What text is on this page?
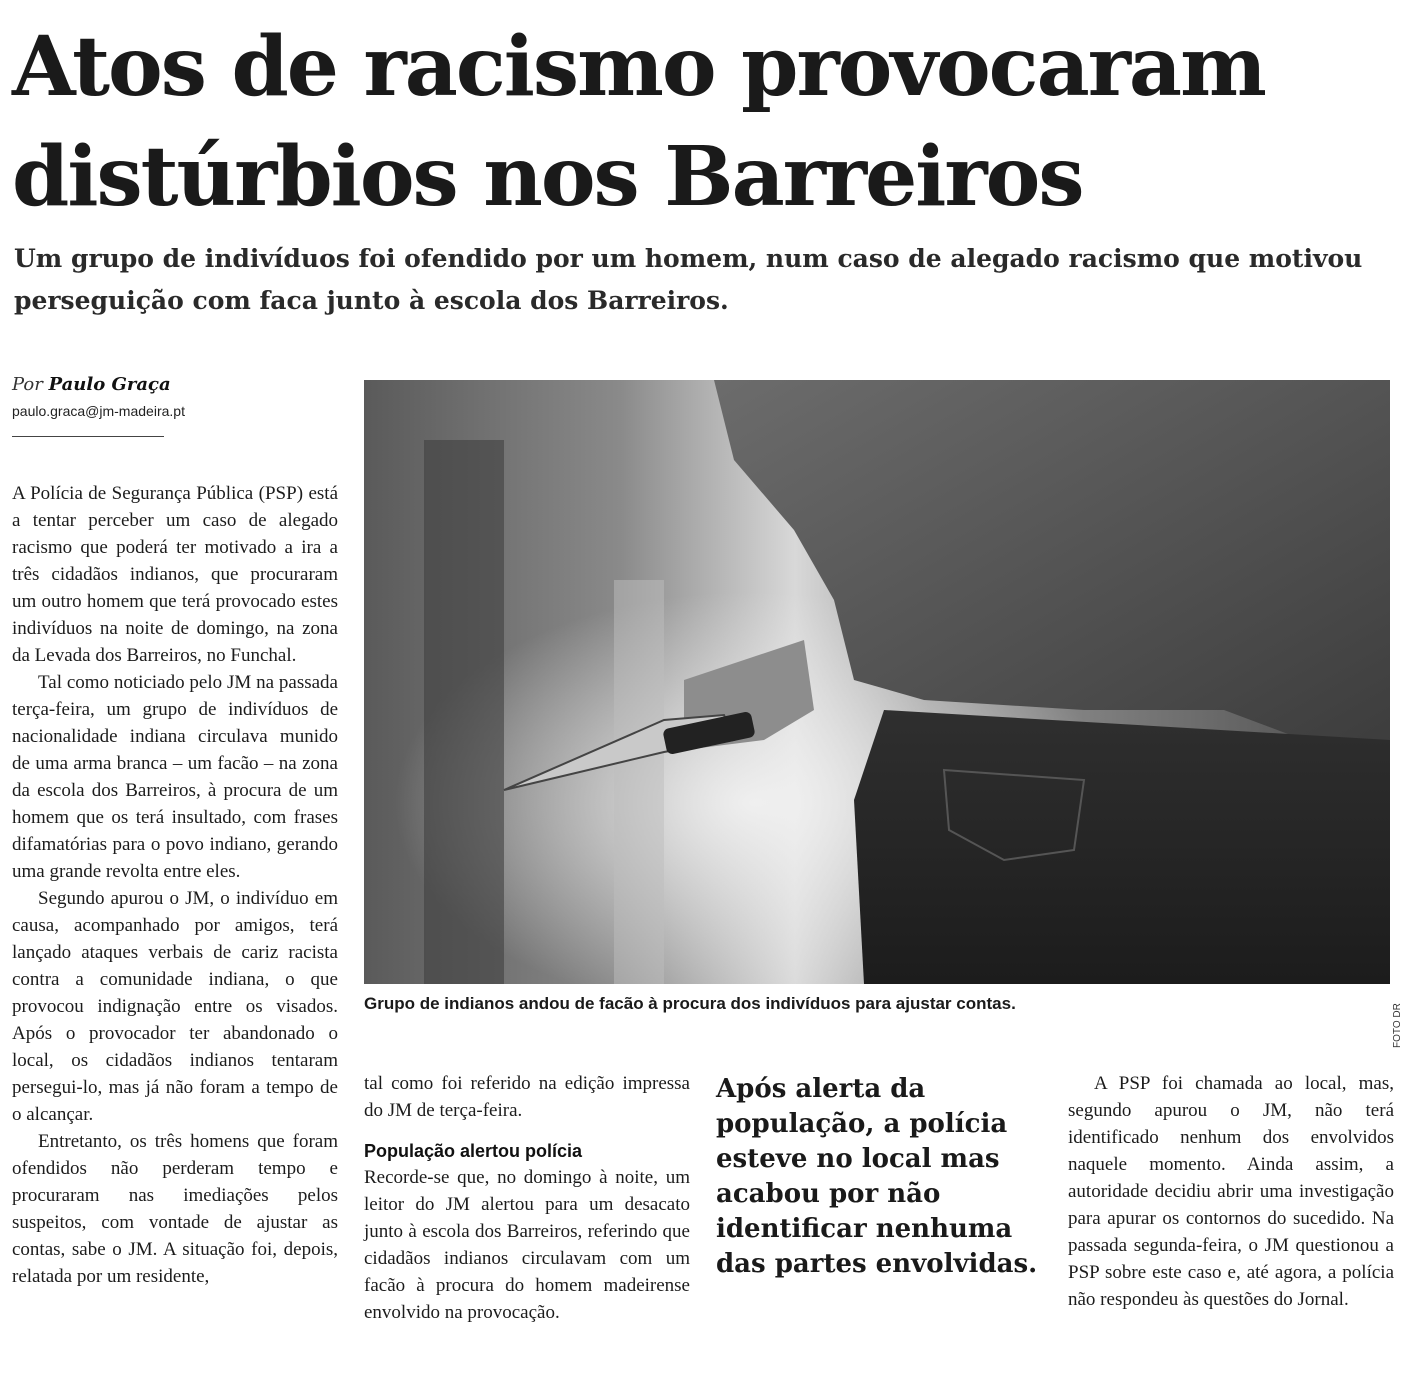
Atos de racismo provocaram distúrbios nos Barreiros

Um grupo de indivíduos foi ofendido por um homem, num caso de alegado racismo que motivou perseguição com faca junto à escola dos Barreiros.

Por Paulo Graça
paulo.graca@jm-madeira.pt

A Polícia de Segurança Pública (PSP) está a tentar perceber um caso de alegado racismo que poderá ter motivado a ira a três cidadãos indianos, que procuraram um outro homem que terá provocado estes indivíduos na noite de domingo, na zona da Levada dos Barreiros, no Funchal.

Tal como noticiado pelo JM na passada terça-feira, um grupo de indivíduos de nacionalidade indiana circulava munido de uma arma branca – um facão – na zona da escola dos Barreiros, à procura de um homem que os terá insultado, com frases difamatórias para o povo indiano, gerando uma grande revolta entre eles.

Segundo apurou o JM, o indivíduo em causa, acompanhado por amigos, terá lançado ataques verbais de cariz racista contra a comunidade indiana, o que provocou indignação entre os visados. Após o provocador ter abandonado o local, os cidadãos indianos tentaram persegui-lo, mas já não foram a tempo de o alcançar.

Entretanto, os três homens que foram ofendidos não perderam tempo e procuraram nas imediações pelos suspeitos, com vontade de ajustar as contas, sabe o JM. A situação foi, depois, relatada por um residente,

FOTO DR
Grupo de indianos andou de facão à procura dos indivíduos para ajustar contas.

tal como foi referido na edição impressa do JM de terça-feira.

População alertou polícia

Recorde-se que, no domingo à noite, um leitor do JM alertou para um desacato junto à escola dos Barreiros, referindo que cidadãos indianos circulavam com um facão à procura do homem madeirense envolvido na provocação.

Após alerta da população, a polícia esteve no local mas acabou por não identificar nenhuma das partes envolvidas.

A PSP foi chamada ao local, mas, segundo apurou o JM, não terá identificado nenhum dos envolvidos naquele momento. Ainda assim, a autoridade decidiu abrir uma investigação para apurar os contornos do sucedido. Na passada segunda-feira, o JM questionou a PSP sobre este caso e, até agora, a polícia não respondeu às questões do Jornal.
